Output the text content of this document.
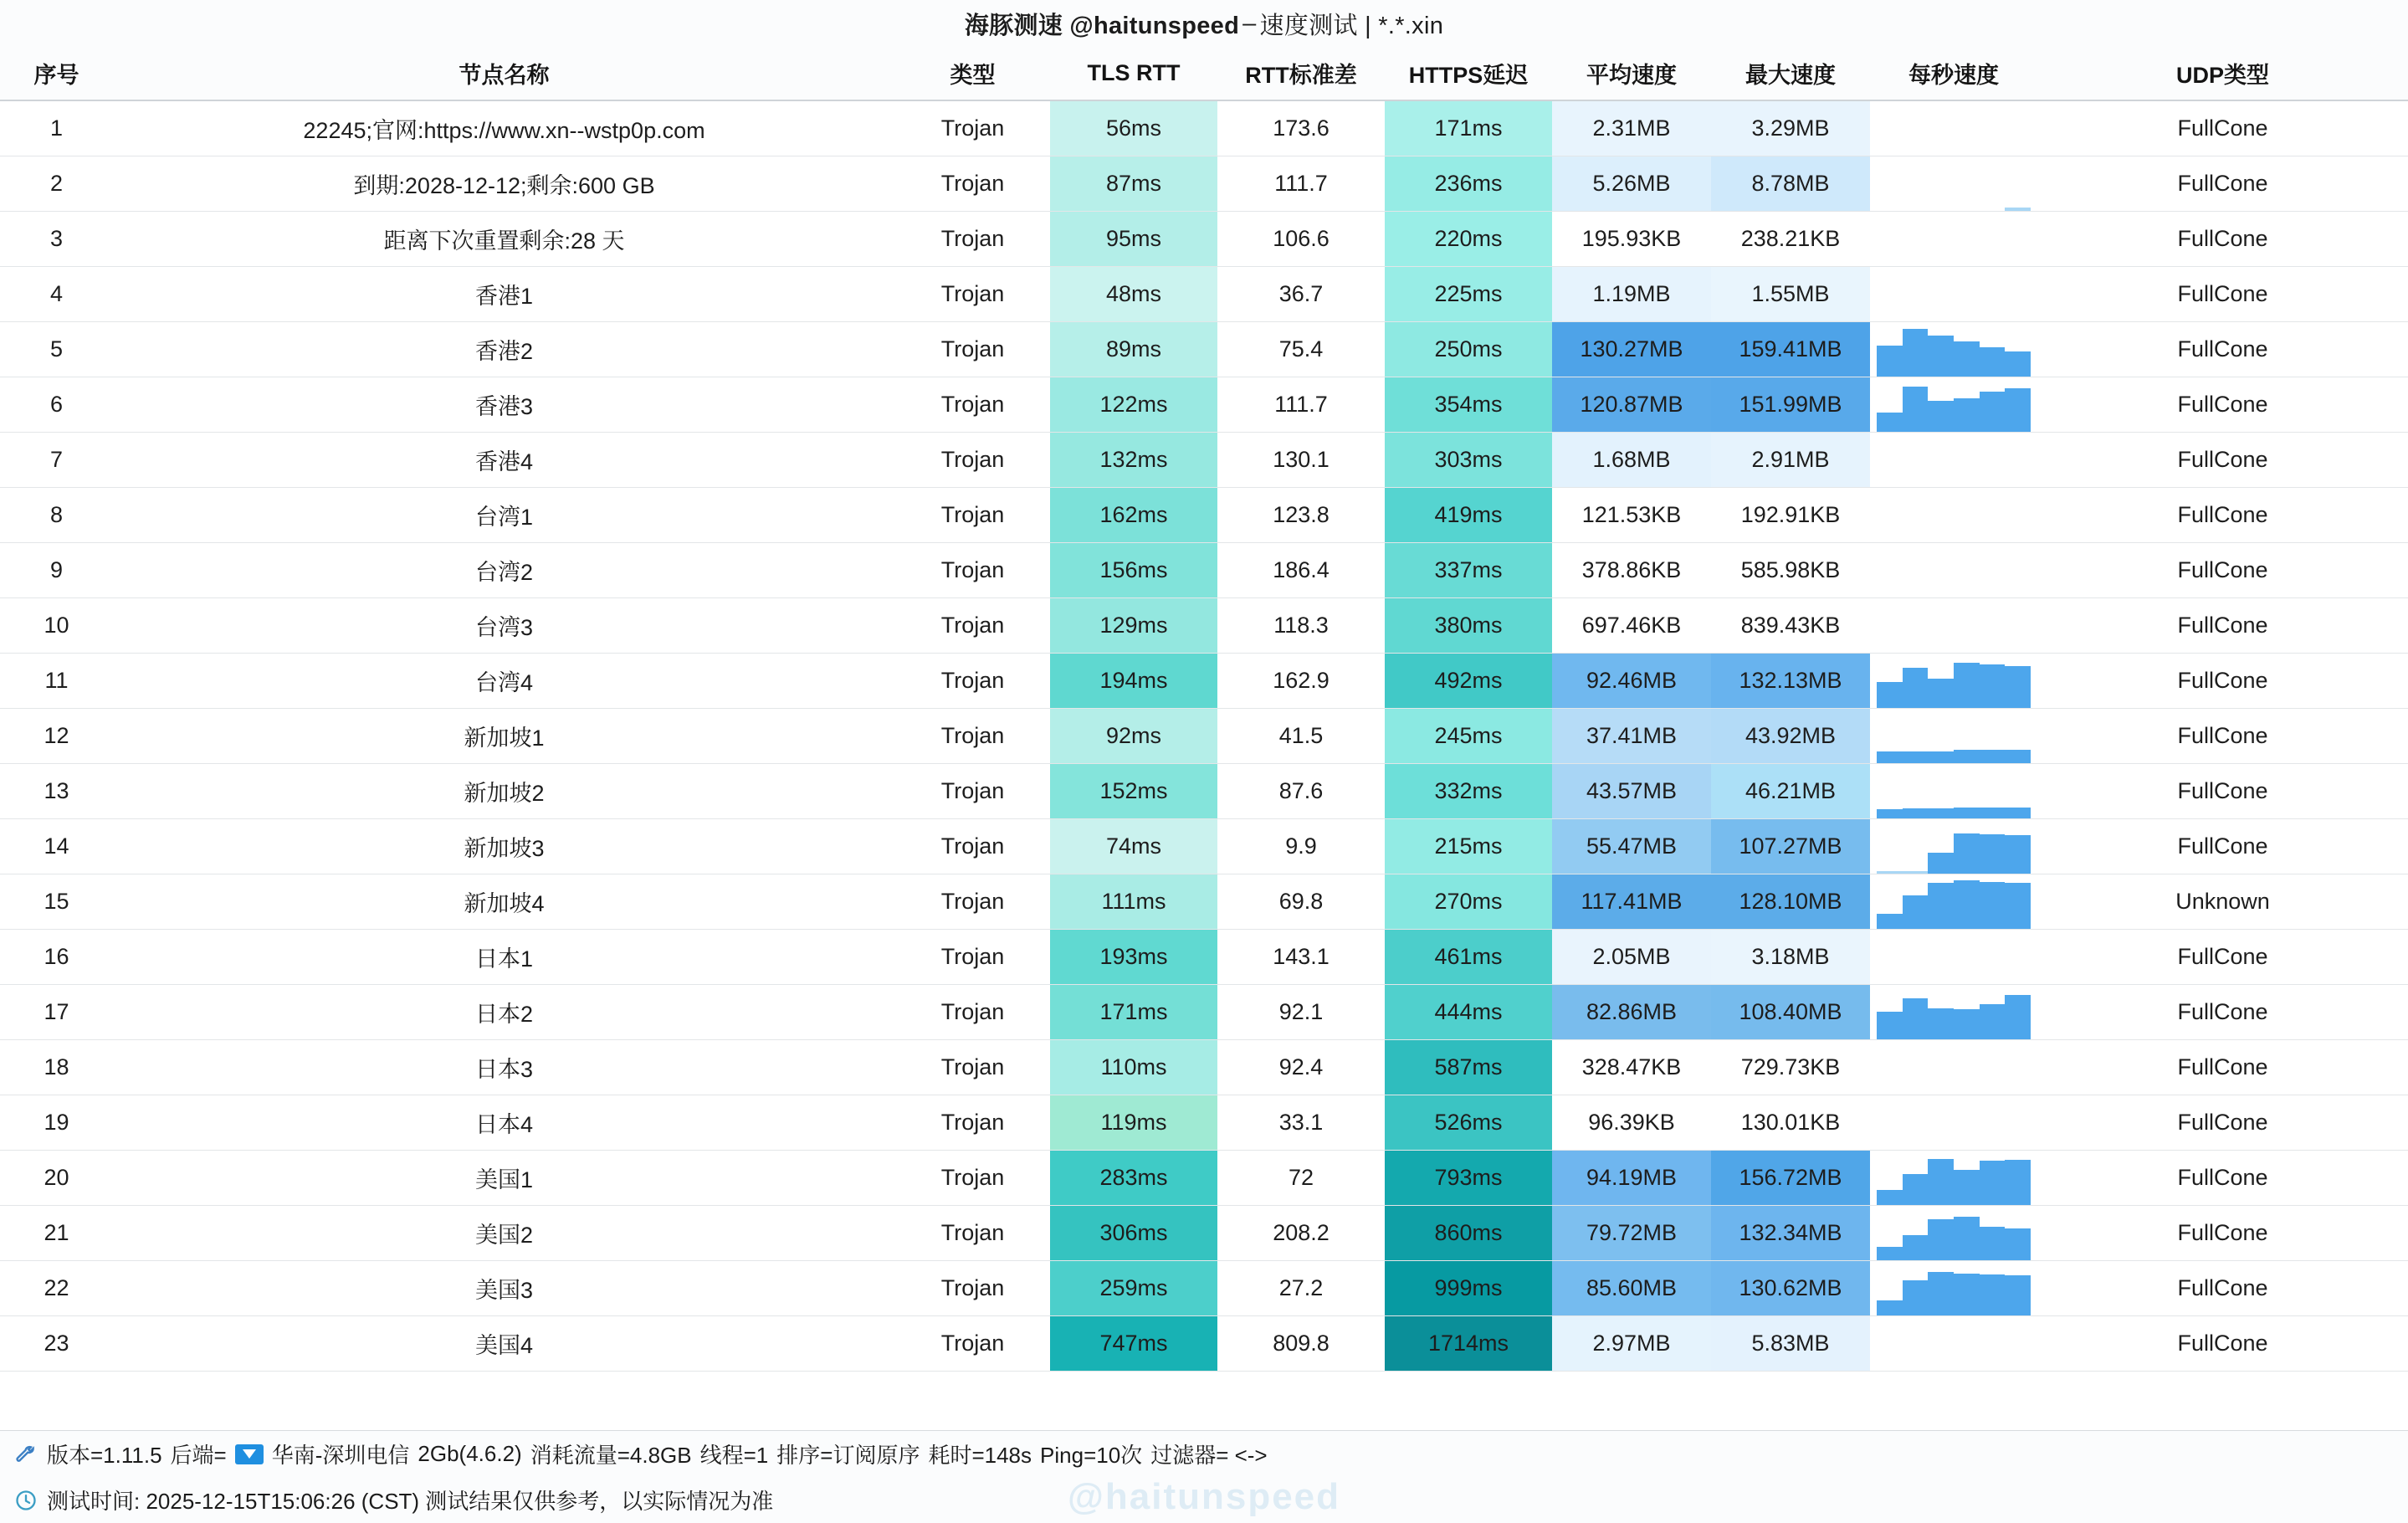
海豚测速 @haitunspeed – 速度测试 | *.*.xin
序号	节点名称	类型	TLS RTT	RTT标准差	HTTPS延迟	平均速度	最大速度	每秒速度	UDP类型

1	22245;官网:https://www.xn--wstp0p.com	Trojan	56ms	173.6	171ms	2.31MB	3.29MB		FullCone

2	到期:2028-12-12;剩余:600 GB	Trojan	87ms	111.7	236ms	5.26MB	8.78MB		FullCone

3	距离下次重置剩余:28 天	Trojan	95ms	106.6	220ms	195.93KB	238.21KB		FullCone

4	香港1	Trojan	48ms	36.7	225ms	1.19MB	1.55MB		FullCone

5	香港2	Trojan	89ms	75.4	250ms	130.27MB	159.41MB		FullCone

6	香港3	Trojan	122ms	111.7	354ms	120.87MB	151.99MB		FullCone

7	香港4	Trojan	132ms	130.1	303ms	1.68MB	2.91MB		FullCone

8	台湾1	Trojan	162ms	123.8	419ms	121.53KB	192.91KB		FullCone

9	台湾2	Trojan	156ms	186.4	337ms	378.86KB	585.98KB		FullCone

10	台湾3	Trojan	129ms	118.3	380ms	697.46KB	839.43KB		FullCone

11	台湾4	Trojan	194ms	162.9	492ms	92.46MB	132.13MB		FullCone

12	新加坡1	Trojan	92ms	41.5	245ms	37.41MB	43.92MB		FullCone

13	新加坡2	Trojan	152ms	87.6	332ms	43.57MB	46.21MB		FullCone

14	新加坡3	Trojan	74ms	9.9	215ms	55.47MB	107.27MB		FullCone

15	新加坡4	Trojan	111ms	69.8	270ms	117.41MB	128.10MB		Unknown

16	日本1	Trojan	193ms	143.1	461ms	2.05MB	3.18MB		FullCone

17	日本2	Trojan	171ms	92.1	444ms	82.86MB	108.40MB		FullCone

18	日本3	Trojan	110ms	92.4	587ms	328.47KB	729.73KB		FullCone

19	日本4	Trojan	119ms	33.1	526ms	96.39KB	130.01KB		FullCone

20	美国1	Trojan	283ms	72	793ms	94.19MB	156.72MB		FullCone

21	美国2	Trojan	306ms	208.2	860ms	79.72MB	132.34MB		FullCone

22	美国3	Trojan	259ms	27.2	999ms	85.60MB	130.62MB		FullCone

23	美国4	Trojan	747ms	809.8	1714ms	2.97MB	5.83MB		FullCone
版本=1.11.5 后端= 华南-深圳电信 2Gb(4.6.2) 消耗流量=4.8GB 线程=1 排序=订阅原序 耗时=148s Ping=10次 过滤器= <->
测试时间: 2025-12-15T15:06:26 (CST) 测试结果仅供参考，以实际情况为准	@haitunspeed
